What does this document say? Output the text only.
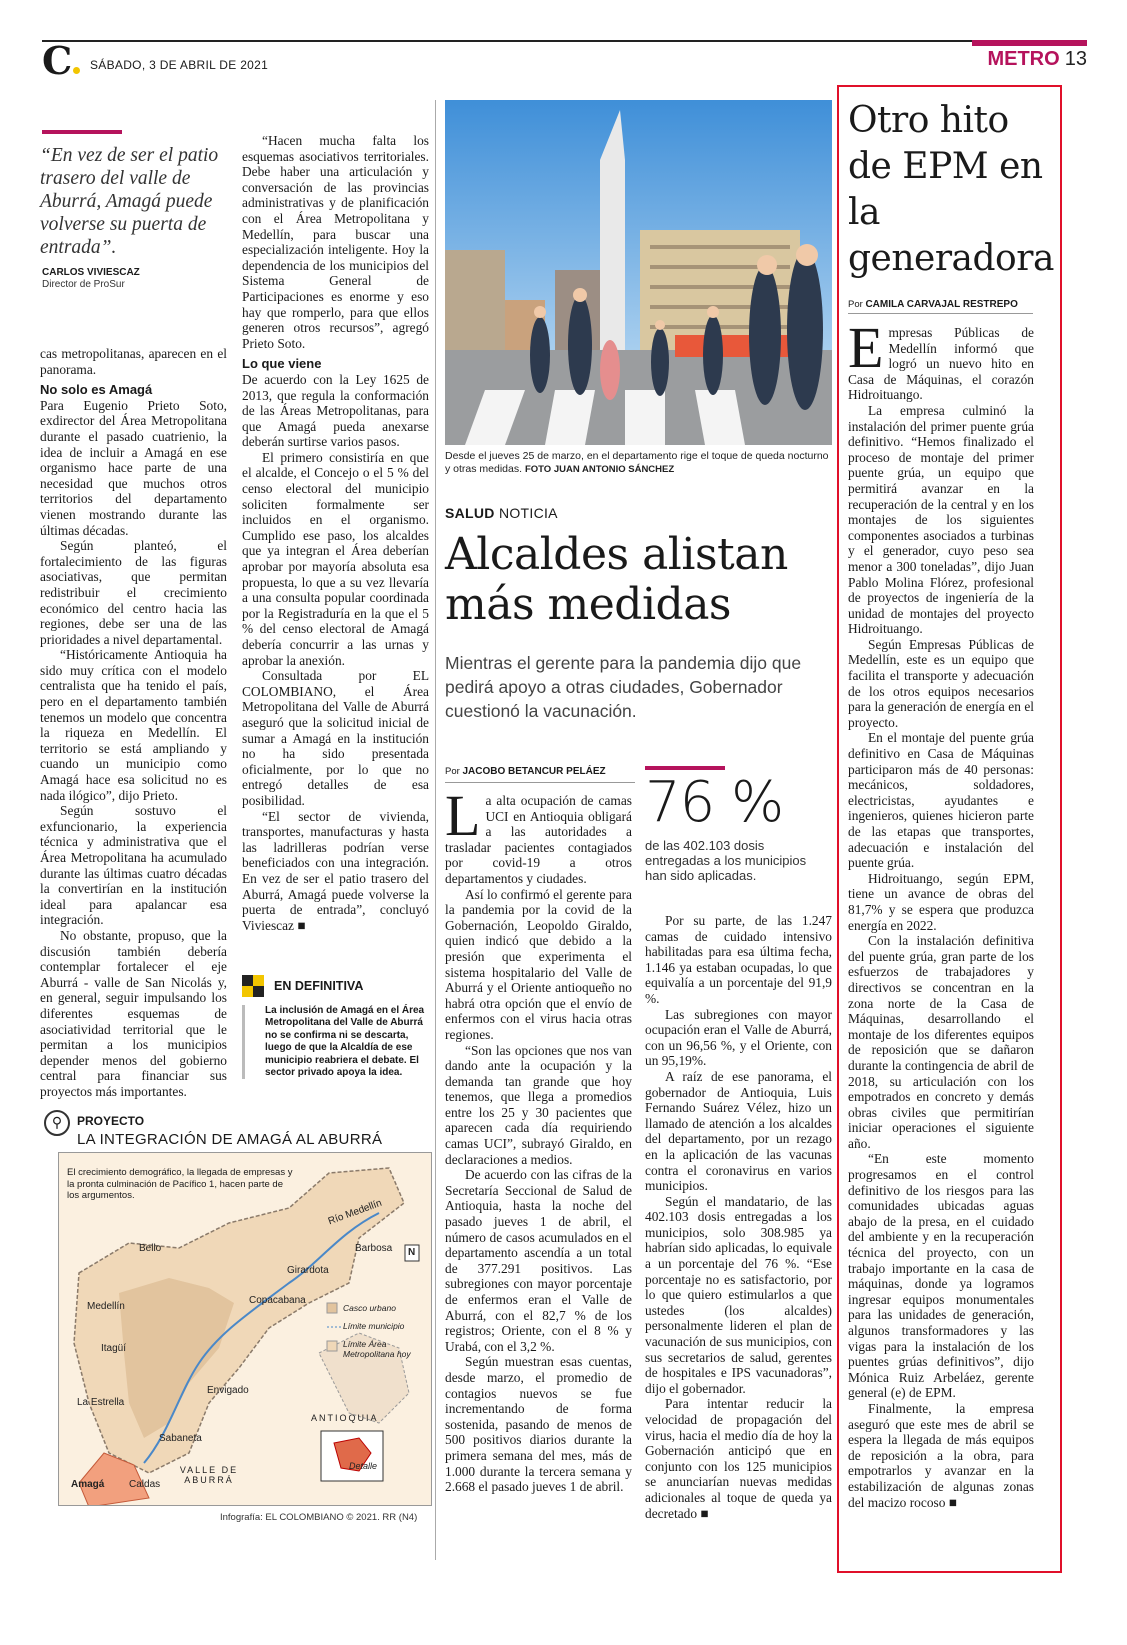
C	SÁBADO, 3 DE ABRIL DE 2021	METRO 13
“En vez de ser el patio trasero del valle de Aburrá, Amagá puede volverse su puerta de entrada”.
CARLOS VIVIESCAZ
Director de ProSur

cas metropolitanas, aparecen en el panorama.

No solo es Amagá

Para Eugenio Prieto Soto, exdirector del Área Metropolitana durante el pasado cuatrienio, la idea de incluir a Amagá en ese organismo hace parte de una necesidad que muchos otros territorios del departamento vienen mostrando durante las últimas décadas.

Según planteó, el fortalecimiento de las figuras asociativas, que permitan redistribuir el crecimiento económico del centro hacia las regiones, debe ser una de las prioridades a nivel departamental.

“Históricamente Antioquia ha sido muy crítica con el modelo centralista que ha tenido el país, pero en el departamento también tenemos un modelo que concentra la riqueza en Medellín. El territorio se está ampliando y cuando un municipio como Amagá hace esa solicitud no es nada ilógico”, dijo Prieto.

Según sostuvo el exfuncionario, la experiencia técnica y administrativa que el Área Metropolitana ha acumulado durante las últimas cuatro décadas la convertirían en la institución ideal para apalancar esa integración.

No obstante, propuso, que la discusión también debería contemplar fortalecer el eje Aburrá - valle de San Nicolás y, en general, seguir impulsando los diferentes esquemas de asociatividad territorial que le permitan a los municipios depender menos del gobierno central para financiar sus proyectos más importantes.

“Hacen mucha falta los esquemas asociativos territoriales. Debe haber una articulación y conversación de las provincias administrativas y de planificación con el Área Metropolitana y Medellín, para buscar una especialización inteligente. Hoy la dependencia de los municipios del Sistema General de Participaciones es enorme y eso hay que romperlo, para que ellos generen otros recursos”, agregó Prieto Soto.

Lo que viene

De acuerdo con la Ley 1625 de 2013, que regula la conformación de las Áreas Metropolitanas, para que Amagá pueda anexarse deberán surtirse varios pasos.

El primero consistiría en que el alcalde, el Concejo o el 5 % del censo electoral del municipio soliciten formalmente ser incluidos en el organismo. Cumplido ese paso, los alcaldes que ya integran el Área deberían aprobar por mayoría absoluta esa propuesta, lo que a su vez llevaría a una consulta popular coordinada por la Registraduría en la que el 5 % del censo electoral de Amagá debería concurrir a las urnas y aprobar la anexión.

Consultada por EL COLOMBIANO, el Área Metropolitana del Valle de Aburrá aseguró que la solicitud inicial de sumar a Amagá en la institución no ha sido presentada oficialmente, por lo que no entregó detalles de esa posibilidad.

“El sector de vivienda, transportes, manufacturas y hasta las ladrilleras podrían verse beneficiados con una integración. En vez de ser el patio trasero del Aburrá, Amagá puede volverse la puerta de entrada”, concluyó Viviescaz ■

EN DEFINITIVA
La inclusión de Amagá en el Área Metropolitana del Valle de Aburrá no se confirma ni se descarta, luego de que la Alcaldía de ese municipio reabriera el debate. El sector privado apoya la idea.
⚲	PROYECTO
LA INTEGRACIÓN DE AMAGÁ AL ABURRÁ
El crecimiento demográfico, la llegada de empresas y la pronta culminación de Pacífico 1, hacen parte de los argumentos.
Río Medellín
Bello	Barbosa
Girardota
Copacabana
Medellín
Itagüí
Envigado
La Estrella
Sabaneta
Amagá Caldas
VALLE DE ABURRÁ
ANTIOQUIA
Detalle
Casco urbano
Límite municipio
Límite Área Metropolitana hoy
N
Infografía: EL COLOMBIANO © 2021. RR (N4)
Desde el jueves 25 de marzo, en el departamento rige el toque de queda nocturno y otras medidas. FOTO JUAN ANTONIO SÁNCHEZ
SALUD NOTICIA
Alcaldes alistan más medidas
Mientras el gerente para la pandemia dijo que pedirá apoyo a otras ciudades, Gobernador cuestionó la vacunación.
Por JACOBO BETANCUR PELÁEZ

La alta ocupación de camas UCI en Antioquia obligará a las autoridades a trasladar pacientes contagiados por covid-19 a otros departamentos y ciudades.

Así lo confirmó el gerente para la pandemia por la covid de la Gobernación, Leopoldo Giraldo, quien indicó que debido a la presión que experimenta el sistema hospitalario del Valle de Aburrá y el Oriente antioqueño no habrá otra opción que el envío de enfermos con el virus hacia otras regiones.

“Son las opciones que nos van dando ante la ocupación y la demanda tan grande que hoy tenemos, que llega a promedios entre los 25 y 30 pacientes que aparecen cada día requiriendo camas UCI”, subrayó Giraldo, en declaraciones a medios.

De acuerdo con las cifras de la Secretaría Seccional de Salud de Antioquia, hasta la noche del pasado jueves 1 de abril, el número de casos acumulados en el departamento ascendía a un total de 377.291 positivos. Las subregiones con mayor porcentaje de enfermos eran el Valle de Aburrá, con el 82,7 % de los registros; Oriente, con el 8 % y Urabá, con el 3,2 %.

Según muestran esas cuentas, desde marzo, el promedio de contagios nuevos se fue incrementando de forma sostenida, pasando de menos de 500 positivos diarios durante la primera semana del mes, más de 1.000 durante la tercera semana y 2.668 el pasado jueves 1 de abril.

76 %
de las 402.103 dosis entregadas a los municipios han sido aplicadas.

Por su parte, de las 1.247 camas de cuidado intensivo habilitadas para esa última fecha, 1.146 ya estaban ocupadas, lo que equivalía a un porcentaje del 91,9 %.

Las subregiones con mayor ocupación eran el Valle de Aburrá, con un 96,56 %, y el Oriente, con un 95,19%.

A raíz de ese panorama, el gobernador de Antioquia, Luis Fernando Suárez Vélez, hizo un llamado de atención a los alcaldes del departamento, por un rezago en la aplicación de las vacunas contra el coronavirus en varios municipios.

Según el mandatario, de las 402.103 dosis entregadas a los municipios, solo 308.985 ya habrían sido aplicadas, lo equivale a un porcentaje del 76 %. “Ese porcentaje no es satisfactorio, por lo que quiero estimularlos a que ustedes (los alcaldes) personalmente lideren el plan de vacunación de sus municipios, con sus secretarios de salud, gerentes de hospitales e IPS vacunadoras”, dijo el gobernador.

Para intentar reducir la velocidad de propagación del virus, hacia el medio día de hoy la Gobernación anticipó que en conjunto con los 125 municipios se anunciarían nuevas medidas adicionales al toque de queda ya decretado ■

Otro hito de EPM en la generadora
Por CAMILA CARVAJAL RESTREPO

Empresas Públicas de Medellín informó que logró un nuevo hito en Casa de Máquinas, el corazón Hidroituango.

La empresa culminó la instalación del primer puente grúa definitivo. “Hemos finalizado el proceso de montaje del primer puente grúa, un equipo que permitirá avanzar en la recuperación de la central y en los montajes de los siguientes componentes asociados a turbinas y el generador, cuyo peso sea menor a 300 toneladas”, dijo Juan Pablo Molina Flórez, profesional de proyectos de ingeniería de la unidad de montajes del proyecto Hidroituango.

Según Empresas Públicas de Medellín, este es un equipo que facilita el transporte y adecuación de los otros equipos necesarios para la generación de energía en el proyecto.

En el montaje del puente grúa definitivo en Casa de Máquinas participaron más de 40 personas: mecánicos, soldadores, electricistas, ayudantes e ingenieros, quienes hicieron parte de las etapas que transportes, adecuación e instalación del puente grúa.

Hidroituango, según EPM, tiene un avance de obras del 81,7% y se espera que produzca energía en 2022.

Con la instalación definitiva del puente grúa, gran parte de los esfuerzos de trabajadores y directivos se concentran en la zona norte de la Casa de Máquinas, desarrollando el montaje de los diferentes equipos de reposición que se dañaron durante la contingencia de abril de 2018, su articulación con los empotrados en concreto y demás obras civiles que permitirían iniciar operaciones el siguiente año.

“En este momento progresamos en el control definitivo de los riesgos para las comunidades ubicadas aguas abajo de la presa, en el cuidado del ambiente y en la recuperación técnica del proyecto, con un trabajo importante en la casa de máquinas, donde ya logramos ingresar equipos monumentales para las unidades de generación, algunos transformadores y las vigas para la instalación de los puentes grúas definitivos”, dijo Mónica Ruiz Arbeláez, gerente general (e) de EPM.

Finalmente, la empresa aseguró que este mes de abril se espera la llegada de más equipos de reposición a la obra, para empotrarlos y avanzar en la estabilización de algunas zonas del macizo rocoso ■
